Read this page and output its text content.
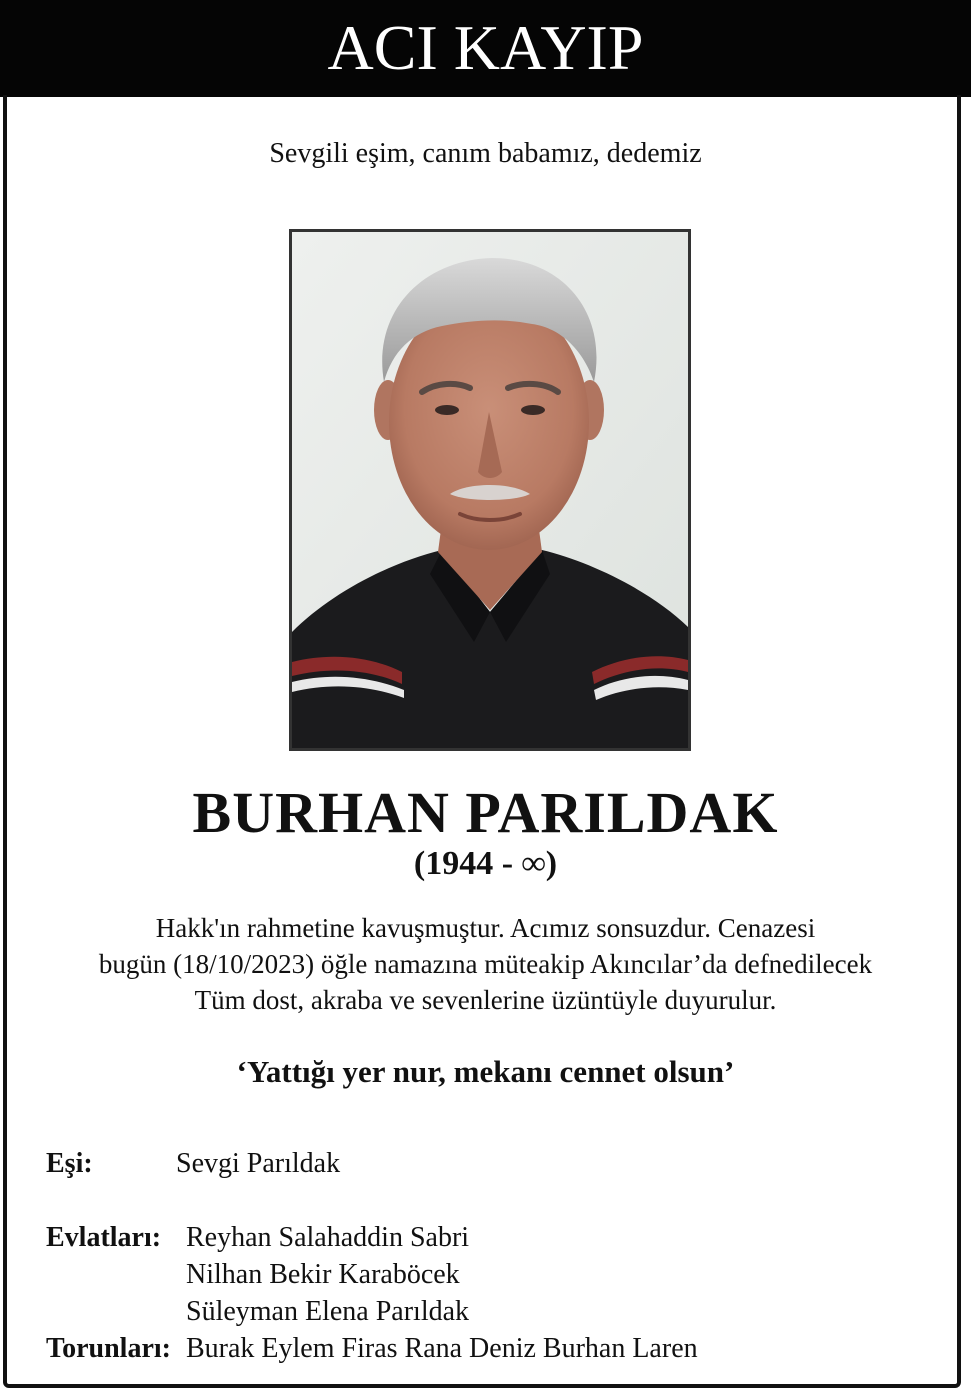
ACI KAYIP
Sevgili eşim, canım babamız, dedemiz
BURHAN PARILDAK
(1944 - ∞)
Hakk'ın rahmetine kavuşmuştur. Acımız sonsuzdur. Cenazesi
bugün (18/10/2023) öğle namazına müteakip Akıncılar’da defnedilecek
Tüm dost, akraba ve sevenlerine üzüntüyle duyurulur.
‘Yattığı yer nur, mekanı cennet olsun’
Eşi:	Sevgi Parıldak
Evlatları: Reyhan Salahaddin Sabri
Nilhan Bekir Karaböcek
Süleyman Elena Parıldak
Torunları: Burak Eylem Firas Rana Deniz Burhan Laren
